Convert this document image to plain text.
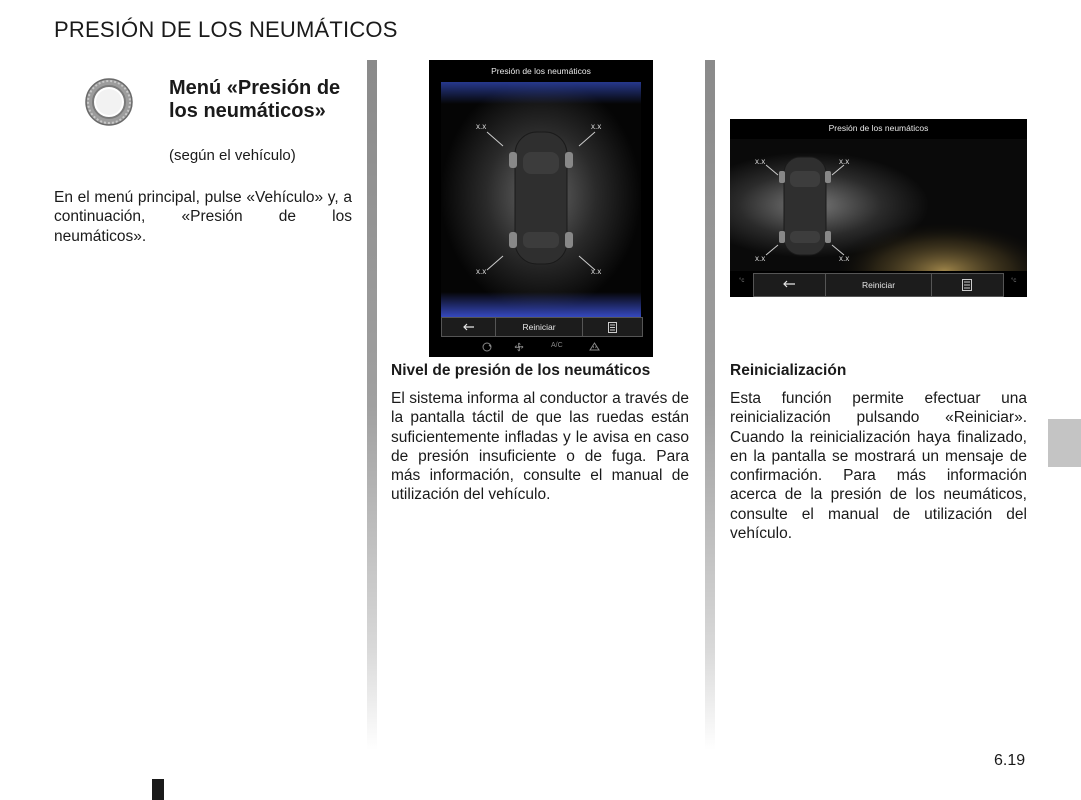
PRESIÓN DE LOS NEUMÁTICOS
Menú «Presión de los neumáticos»
(según el vehículo)
En el menú principal, pulse «Vehículo» y, a continuación, «Presión de los neumáticos».
Presión de los neumáticos
x.x	x.x
x.x	x.x
Reiniciar
A/C
Nivel de presión de los neumáticos
El sistema informa al conductor a través de la pantalla táctil de que las ruedas están suficientemente infladas y le avisa en caso de presión insuficiente o de fuga. Para más información, consulte el manual de utilización del vehículo.
Presión de los neumáticos
x.x	x.x
x.x	x.x
°c	°c
Reiniciar
Reinicialización
Esta función permite efectuar una reinicialización pulsando «Reiniciar». Cuando la reinicialización haya finalizado, en la pantalla se mostrará un mensaje de confirmación. Para más información acerca de la presión de los neumáticos, consulte el manual de utilización del vehículo.
6.19
